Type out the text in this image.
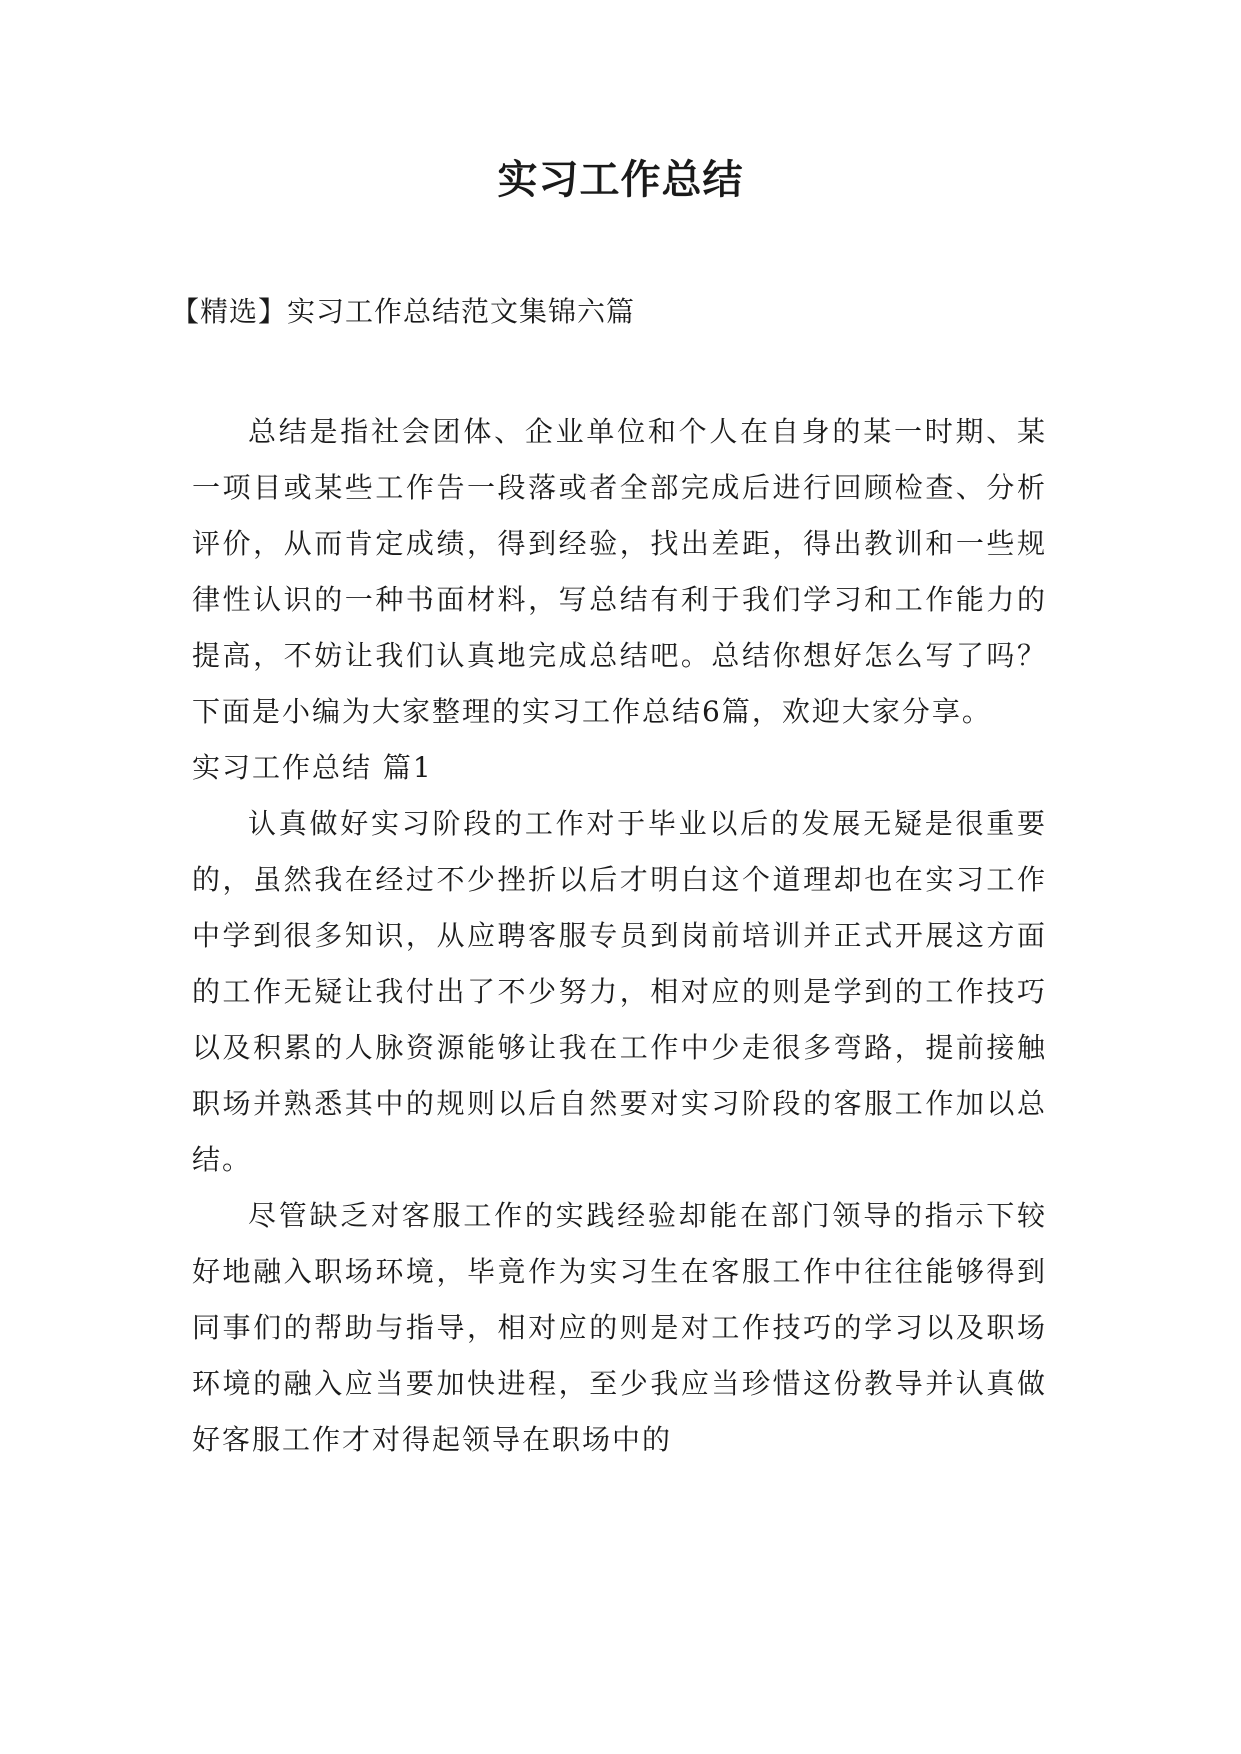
实习工作总结

【精选】实习工作总结范文集锦六篇

总结是指社会团体、企业单位和个人在自身的某一时期、某一项目或某些工作告一段落或者全部完成后进行回顾检查、分析评价，从而肯定成绩，得到经验，找出差距，得出教训和一些规律性认识的一种书面材料，写总结有利于我们学习和工作能力的提高，不妨让我们认真地完成总结吧。总结你想好怎么写了吗？下面是小编为大家整理的实习工作总结6篇，欢迎大家分享。

实习工作总结 篇1

认真做好实习阶段的工作对于毕业以后的发展无疑是很重要的，虽然我在经过不少挫折以后才明白这个道理却也在实习工作中学到很多知识，从应聘客服专员到岗前培训并正式开展这方面的工作无疑让我付出了不少努力，相对应的则是学到的工作技巧以及积累的人脉资源能够让我在工作中少走很多弯路，提前接触职场并熟悉其中的规则以后自然要对实习阶段的客服工作加以总结。

尽管缺乏对客服工作的实践经验却能在部门领导的指示下较好地融入职场环境，毕竟作为实习生在客服工作中往往能够得到同事们的帮助与指导，相对应的则是对工作技巧的学习以及职场环境的融入应当要加快进程，至少我应当珍惜这份教导并认真做好客服工作才对得起领导在职场中的
